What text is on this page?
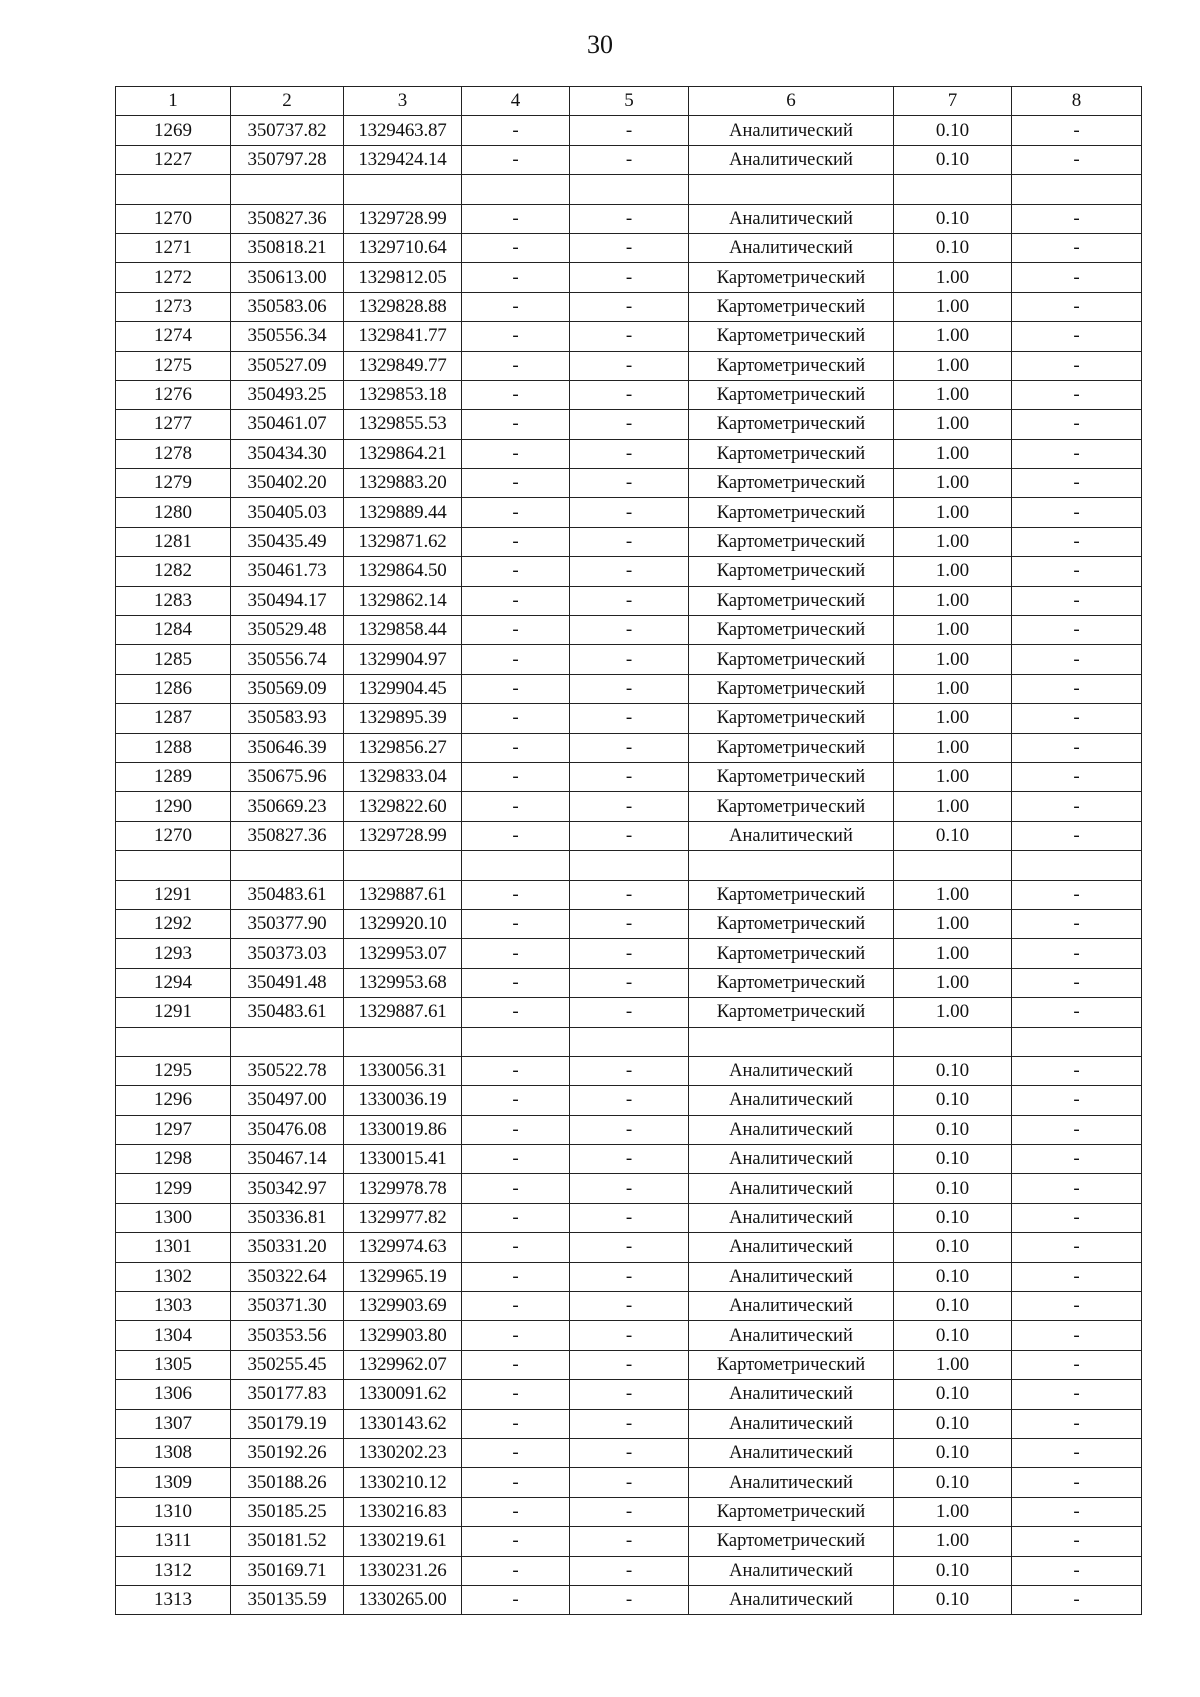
30
1	2	3	4	5	6	7	8
1269	350737.82	1329463.87	-	-	Аналитический	0.10	-
1227	350797.28	1329424.14	-	-	Аналитический	0.10	-

1270	350827.36	1329728.99	-	-	Аналитический	0.10	-
1271	350818.21	1329710.64	-	-	Аналитический	0.10	-
1272	350613.00	1329812.05	-	-	Картометрический	1.00	-
1273	350583.06	1329828.88	-	-	Картометрический	1.00	-
1274	350556.34	1329841.77	-	-	Картометрический	1.00	-
1275	350527.09	1329849.77	-	-	Картометрический	1.00	-
1276	350493.25	1329853.18	-	-	Картометрический	1.00	-
1277	350461.07	1329855.53	-	-	Картометрический	1.00	-
1278	350434.30	1329864.21	-	-	Картометрический	1.00	-
1279	350402.20	1329883.20	-	-	Картометрический	1.00	-
1280	350405.03	1329889.44	-	-	Картометрический	1.00	-
1281	350435.49	1329871.62	-	-	Картометрический	1.00	-
1282	350461.73	1329864.50	-	-	Картометрический	1.00	-
1283	350494.17	1329862.14	-	-	Картометрический	1.00	-
1284	350529.48	1329858.44	-	-	Картометрический	1.00	-
1285	350556.74	1329904.97	-	-	Картометрический	1.00	-
1286	350569.09	1329904.45	-	-	Картометрический	1.00	-
1287	350583.93	1329895.39	-	-	Картометрический	1.00	-
1288	350646.39	1329856.27	-	-	Картометрический	1.00	-
1289	350675.96	1329833.04	-	-	Картометрический	1.00	-
1290	350669.23	1329822.60	-	-	Картометрический	1.00	-
1270	350827.36	1329728.99	-	-	Аналитический	0.10	-

1291	350483.61	1329887.61	-	-	Картометрический	1.00	-
1292	350377.90	1329920.10	-	-	Картометрический	1.00	-
1293	350373.03	1329953.07	-	-	Картометрический	1.00	-
1294	350491.48	1329953.68	-	-	Картометрический	1.00	-
1291	350483.61	1329887.61	-	-	Картометрический	1.00	-

1295	350522.78	1330056.31	-	-	Аналитический	0.10	-
1296	350497.00	1330036.19	-	-	Аналитический	0.10	-
1297	350476.08	1330019.86	-	-	Аналитический	0.10	-
1298	350467.14	1330015.41	-	-	Аналитический	0.10	-
1299	350342.97	1329978.78	-	-	Аналитический	0.10	-
1300	350336.81	1329977.82	-	-	Аналитический	0.10	-
1301	350331.20	1329974.63	-	-	Аналитический	0.10	-
1302	350322.64	1329965.19	-	-	Аналитический	0.10	-
1303	350371.30	1329903.69	-	-	Аналитический	0.10	-
1304	350353.56	1329903.80	-	-	Аналитический	0.10	-
1305	350255.45	1329962.07	-	-	Картометрический	1.00	-
1306	350177.83	1330091.62	-	-	Аналитический	0.10	-
1307	350179.19	1330143.62	-	-	Аналитический	0.10	-
1308	350192.26	1330202.23	-	-	Аналитический	0.10	-
1309	350188.26	1330210.12	-	-	Аналитический	0.10	-
1310	350185.25	1330216.83	-	-	Картометрический	1.00	-
1311	350181.52	1330219.61	-	-	Картометрический	1.00	-
1312	350169.71	1330231.26	-	-	Аналитический	0.10	-
1313	350135.59	1330265.00	-	-	Аналитический	0.10	-
